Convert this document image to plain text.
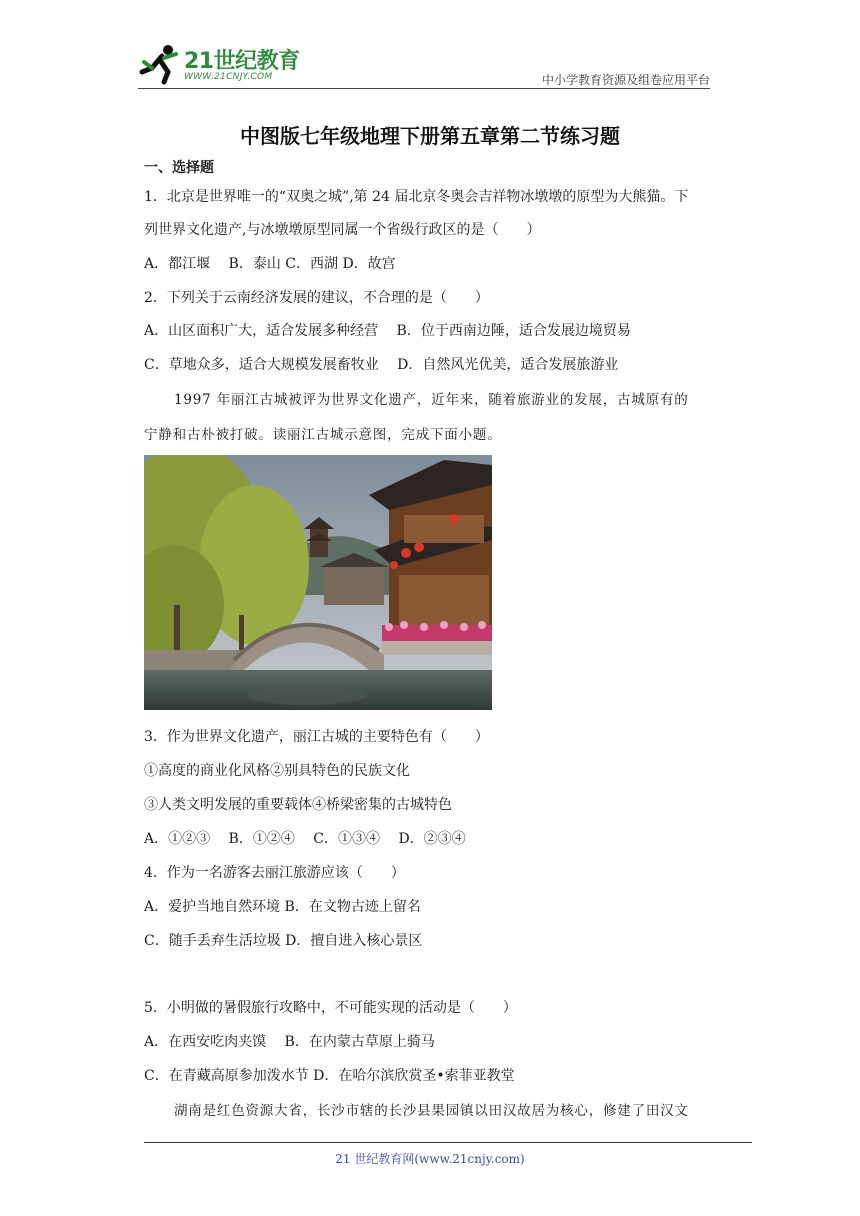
21世纪教育
WWW.21CNJY.COM	中小学教育资源及组卷应用平台
中图版七年级地理下册第五章第二节练习题
一、选择题
1．北京是世界唯一的“双奥之城”,第 24 届北京冬奥会吉祥物冰墩墩的原型为大熊猫。下
列世界文化遗产,与冰墩墩原型同属一个省级行政区的是（　　）
A．都江堰　 B．泰山 C．西湖 D．故宫
2．下列关于云南经济发展的建议，不合理的是（　　）
A．山区面积广大，适合发展多种经营　 B．位于西南边陲，适合发展边境贸易
C．草地众多，适合大规模发展畜牧业　 D．自然风光优美，适合发展旅游业
1997 年丽江古城被评为世界文化遗产，近年来，随着旅游业的发展，古城原有的
宁静和古朴被打破。读丽江古城示意图，完成下面小题。
3．作为世界文化遗产，丽江古城的主要特色有（　　）
①高度的商业化风格②别具特色的民族文化
③人类文明发展的重要载体④桥梁密集的古城特色
A．①②③　 B．①②④　 C．①③④　 D．②③④
4．作为一名游客去丽江旅游应该（　　）
A．爱护当地自然环境 B．在文物古迹上留名
C．随手丢弃生活垃圾 D．擅自进入核心景区
5．小明做的暑假旅行攻略中，不可能实现的活动是（　　）
A．在西安吃肉夹馍　 B．在内蒙古草原上骑马
C．在青藏高原参加泼水节 D．在哈尔滨欣赏圣•索菲亚教堂
湖南是红色资源大省，长沙市辖的长沙县果园镇以田汉故居为核心，修建了田汉文
21 世纪教育网(www.21cnjy.com)
